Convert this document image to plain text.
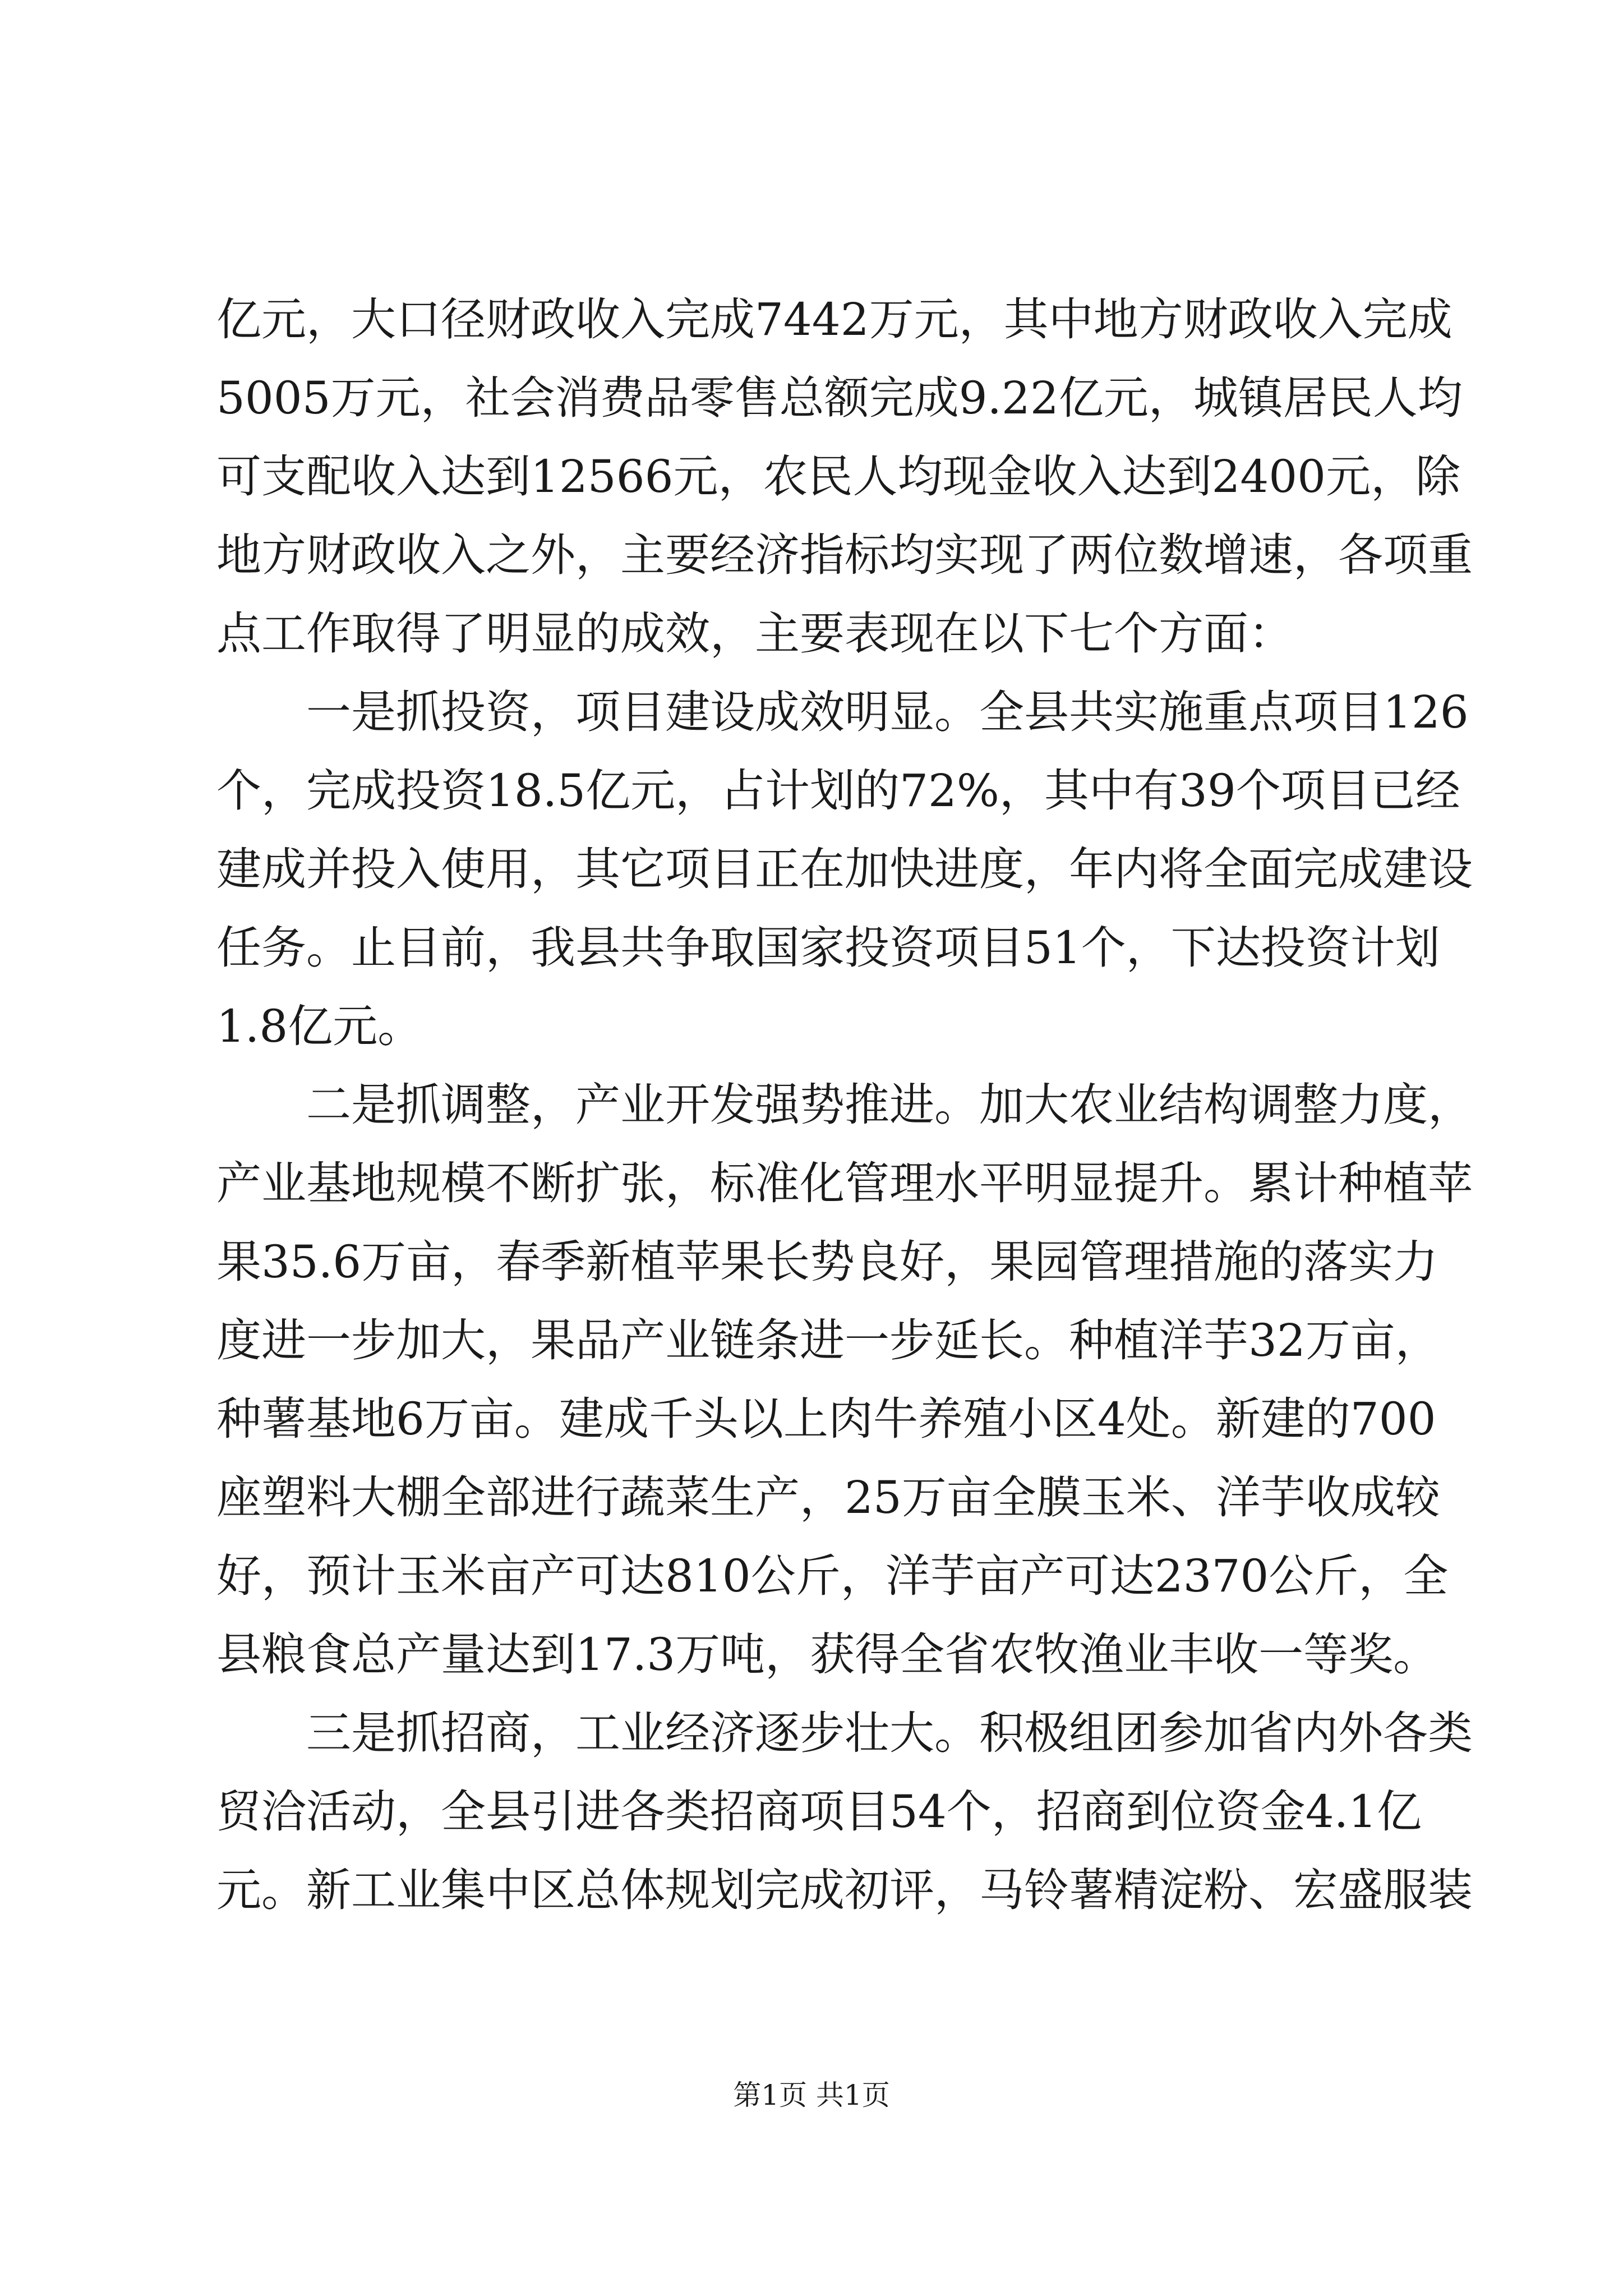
亿元，大口径财政收入完成7442万元，其中地方财政收入完成
5005万元，社会消费品零售总额完成9.22亿元，城镇居民人均
可支配收入达到12566元，农民人均现金收入达到2400元，除
地方财政收入之外，主要经济指标均实现了两位数增速，各项重
点工作取得了明显的成效，主要表现在以下七个方面：
一是抓投资，项目建设成效明显。全县共实施重点项目126
个，完成投资18.5亿元，占计划的72%，其中有39个项目已经
建成并投入使用，其它项目正在加快进度，年内将全面完成建设
任务。止目前，我县共争取国家投资项目51个，下达投资计划
1.8亿元。
二是抓调整，产业开发强势推进。加大农业结构调整力度，
产业基地规模不断扩张，标准化管理水平明显提升。累计种植苹
果35.6万亩，春季新植苹果长势良好，果园管理措施的落实力
度进一步加大，果品产业链条进一步延长。种植洋芋32万亩，
种薯基地6万亩。建成千头以上肉牛养殖小区4处。新建的700
座塑料大棚全部进行蔬菜生产，25万亩全膜玉米、洋芋收成较
好，预计玉米亩产可达810公斤，洋芋亩产可达2370公斤，全
县粮食总产量达到17.3万吨，获得全省农牧渔业丰收一等奖。
三是抓招商，工业经济逐步壮大。积极组团参加省内外各类
贸洽活动，全县引进各类招商项目54个，招商到位资金4.1亿
元。新工业集中区总体规划完成初评，马铃薯精淀粉、宏盛服装
第1页 共1页
